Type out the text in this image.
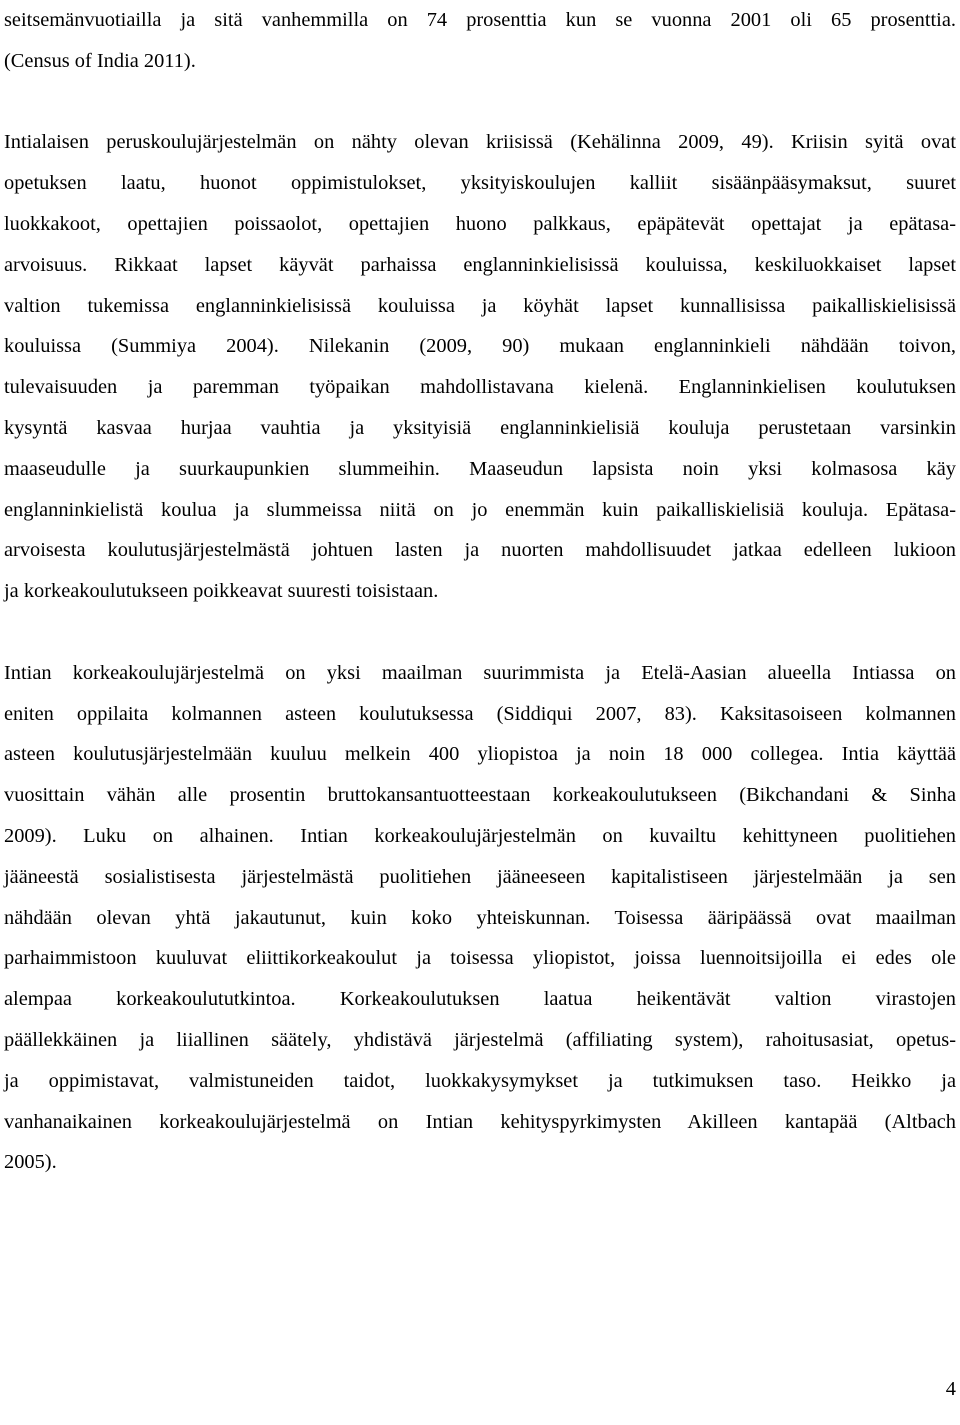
seitsemänvuotiailla ja sitä vanhemmilla on 74 prosenttia kun se vuonna 2001 oli 65 prosenttia.
(Census of India 2011).
Intialaisen peruskoulujärjestelmän on nähty olevan kriisissä (Kehälinna 2009, 49). Kriisin syitä ovat
opetuksen laatu, huonot oppimistulokset, yksityiskoulujen kalliit sisäänpääsymaksut, suuret
luokkakoot, opettajien poissaolot, opettajien huono palkkaus, epäpätevät opettajat ja epätasa-
arvoisuus. Rikkaat lapset käyvät parhaissa englanninkielisissä kouluissa, keskiluokkaiset lapset
valtion tukemissa englanninkielisissä kouluissa ja köyhät lapset kunnallisissa paikalliskielisissä
kouluissa (Summiya 2004). Nilekanin (2009, 90) mukaan englanninkieli nähdään toivon,
tulevaisuuden ja paremman työpaikan mahdollistavana kielenä. Englanninkielisen koulutuksen
kysyntä kasvaa hurjaa vauhtia ja yksityisiä englanninkielisiä kouluja perustetaan varsinkin
maaseudulle ja suurkaupunkien slummeihin. Maaseudun lapsista noin yksi kolmasosa käy
englanninkielistä koulua ja slummeissa niitä on jo enemmän kuin paikalliskielisiä kouluja. Epätasa-
arvoisesta koulutusjärjestelmästä johtuen lasten ja nuorten mahdollisuudet jatkaa edelleen lukioon
ja korkeakoulutukseen poikkeavat suuresti toisistaan.
Intian korkeakoulujärjestelmä on yksi maailman suurimmista ja Etelä-Aasian alueella Intiassa on
eniten oppilaita kolmannen asteen koulutuksessa (Siddiqui 2007, 83). Kaksitasoiseen kolmannen
asteen koulutusjärjestelmään kuuluu melkein 400 yliopistoa ja noin 18 000 collegea. Intia käyttää
vuosittain vähän alle prosentin bruttokansantuotteestaan korkeakoulutukseen (Bikchandani & Sinha
2009). Luku on alhainen. Intian korkeakoulujärjestelmän on kuvailtu kehittyneen puolitiehen
jääneestä sosialistisesta järjestelmästä puolitiehen jääneeseen kapitalistiseen järjestelmään ja sen
nähdään olevan yhtä jakautunut, kuin koko yhteiskunnan. Toisessa ääripäässä ovat maailman
parhaimmistoon kuuluvat eliittikorkeakoulut ja toisessa yliopistot, joissa luennoitsijoilla ei edes ole
alempaa korkeakoulututkintoa. Korkeakoulutuksen laatua heikentävät valtion virastojen
päällekkäinen ja liiallinen säätely, yhdistävä järjestelmä (affiliating system), rahoitusasiat, opetus-
ja oppimistavat, valmistuneiden taidot, luokkakysymykset ja tutkimuksen taso. Heikko ja
vanhanaikainen korkeakoulujärjestelmä on Intian kehityspyrkimysten Akilleen kantapää (Altbach
2005).
4
